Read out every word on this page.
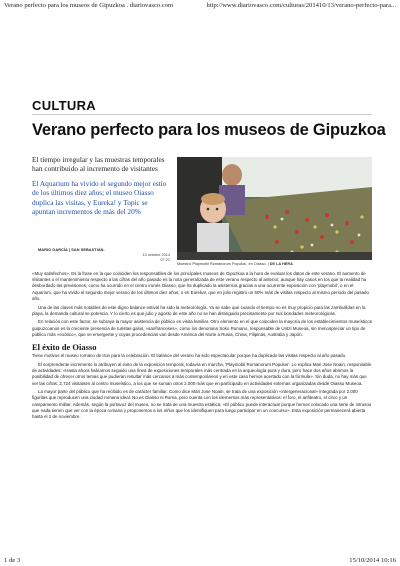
Verano perfecto para los museos de Gipuzkoa . diariovasco.com	http://www.diariovasco.com/culturas/201410/13/verano-perfecto-para...
CULTURA
Verano perfecto para los museos de Gipuzkoa
El tiempo irregular y las muestras temporales han contribuido al incremento de visitantes
El Aquarium ha vivido el segundo mejor estío de los últimos diez años; el museo Oiasso duplica las visitas, y Eureka! y Topic se apuntan incrementos de más del 20%
MARIO GARCÍA | SAN SEBASTIÁN.
13 octubre 2014
07:21
Muestra 'Playmobil Romanorum Populus', en Oiasso. | DE LA HERA

«Muy satisfechos». Es la frase en la que coinciden los responsables de los principales museos de Gipuzkoa a la hora de evaluar los datos de este verano. El aumento de visitantes o el mantenimiento respecto a las cifras del año pasado es la nota generalizada de este verano respecto al anterior, aunque hay casos en los que la realidad ha desbordado las previsiones, como ha ocurrido en el centro irunés Oiasso, que ha duplicado la asistencia gracias a una ocurrente exposición con 'playmobil', o en el Aquarium, que ha vivido el segundo mejor verano de los últimos diez años, o en Eureka!, que en julio registró un 50% más de visitas respecto al mismo periodo del pasado año.

Una de las claves más notables de este digno balance estival ha sido la meteorología. Ya se sabe que cuando el tiempo no es muy propicio para las zambullidas en la playa, la demanda cultural se potencia. Y lo cierto es que julio y agosto de este año no se han distinguido precisamente por sus bondades meteorológicas.

En relación con este factor, se subraya la mayor asistencia de público en visita familiar. Otro elemento en el que coinciden la mayoría de los establecimientos museísticos guipuzcoanos es la creciente presencia de turistas galos, «sanfranceses», como los denomina Soko Romano, responsable de Untzi Museoa, sin menospreciar un tipo de público más «exótico», que ve emergente y cuyas procedencias van desde América del Norte a Rusia, China, Filipinas, Australia y Japón.

El éxito de Oiasso

Tiene motivos el museo romano de Irun para la celebración. El balance del verano ha sido espectacular porque ha duplicado las visitas respecto al año pasado.

El sorprendente incremento lo atribuyen al éxito de la exposición temporal, todavía en marcha, 'Playmobil Romanorum Populus'. Lo explica Mari Jose Noain, responsable de actividades: «Hasta ahora habíamos seguido una línea de exposiciones temporales más centrada en la arqueología pura y dura, pero hace dos años abrimos la posibilidad de ofrecer otros temas que pudieran resultar más cercanos a más contemporáneos y en este caso hemos acertado con la fórmula». Sin duda, no hay más que ver las cifras: 2.724 visitantes al centro museístico, a los que se suman otros 2.000 más que en participado en actividades externas organizadas desde Oiasso Museoa.

La mayor parte del público que ha recibido es de carácter familiar. Como dice Mari Jose Noain, se trata de una exposición «intergeneracional» integrada por 2.000 figuritas que reproducen una ciudad romana ideal. No es Oiasso ni Roma, pero cuenta con los elementos más representativos: el foro, el anfiteatro, el circo y un campamento militar. Además, según la portavoz del museo, no se trata de una muestra estática: «El público puede interactuar porque hemos colocado una serie de intrusos que nada tienen que ver con la época romana y proponemos a los niños que los identifiquen para luego participar en un concurso». Esta exposición permanecerá abierta hasta el 2 de noviembre.

1 de 3	15/10/2014 10:16
